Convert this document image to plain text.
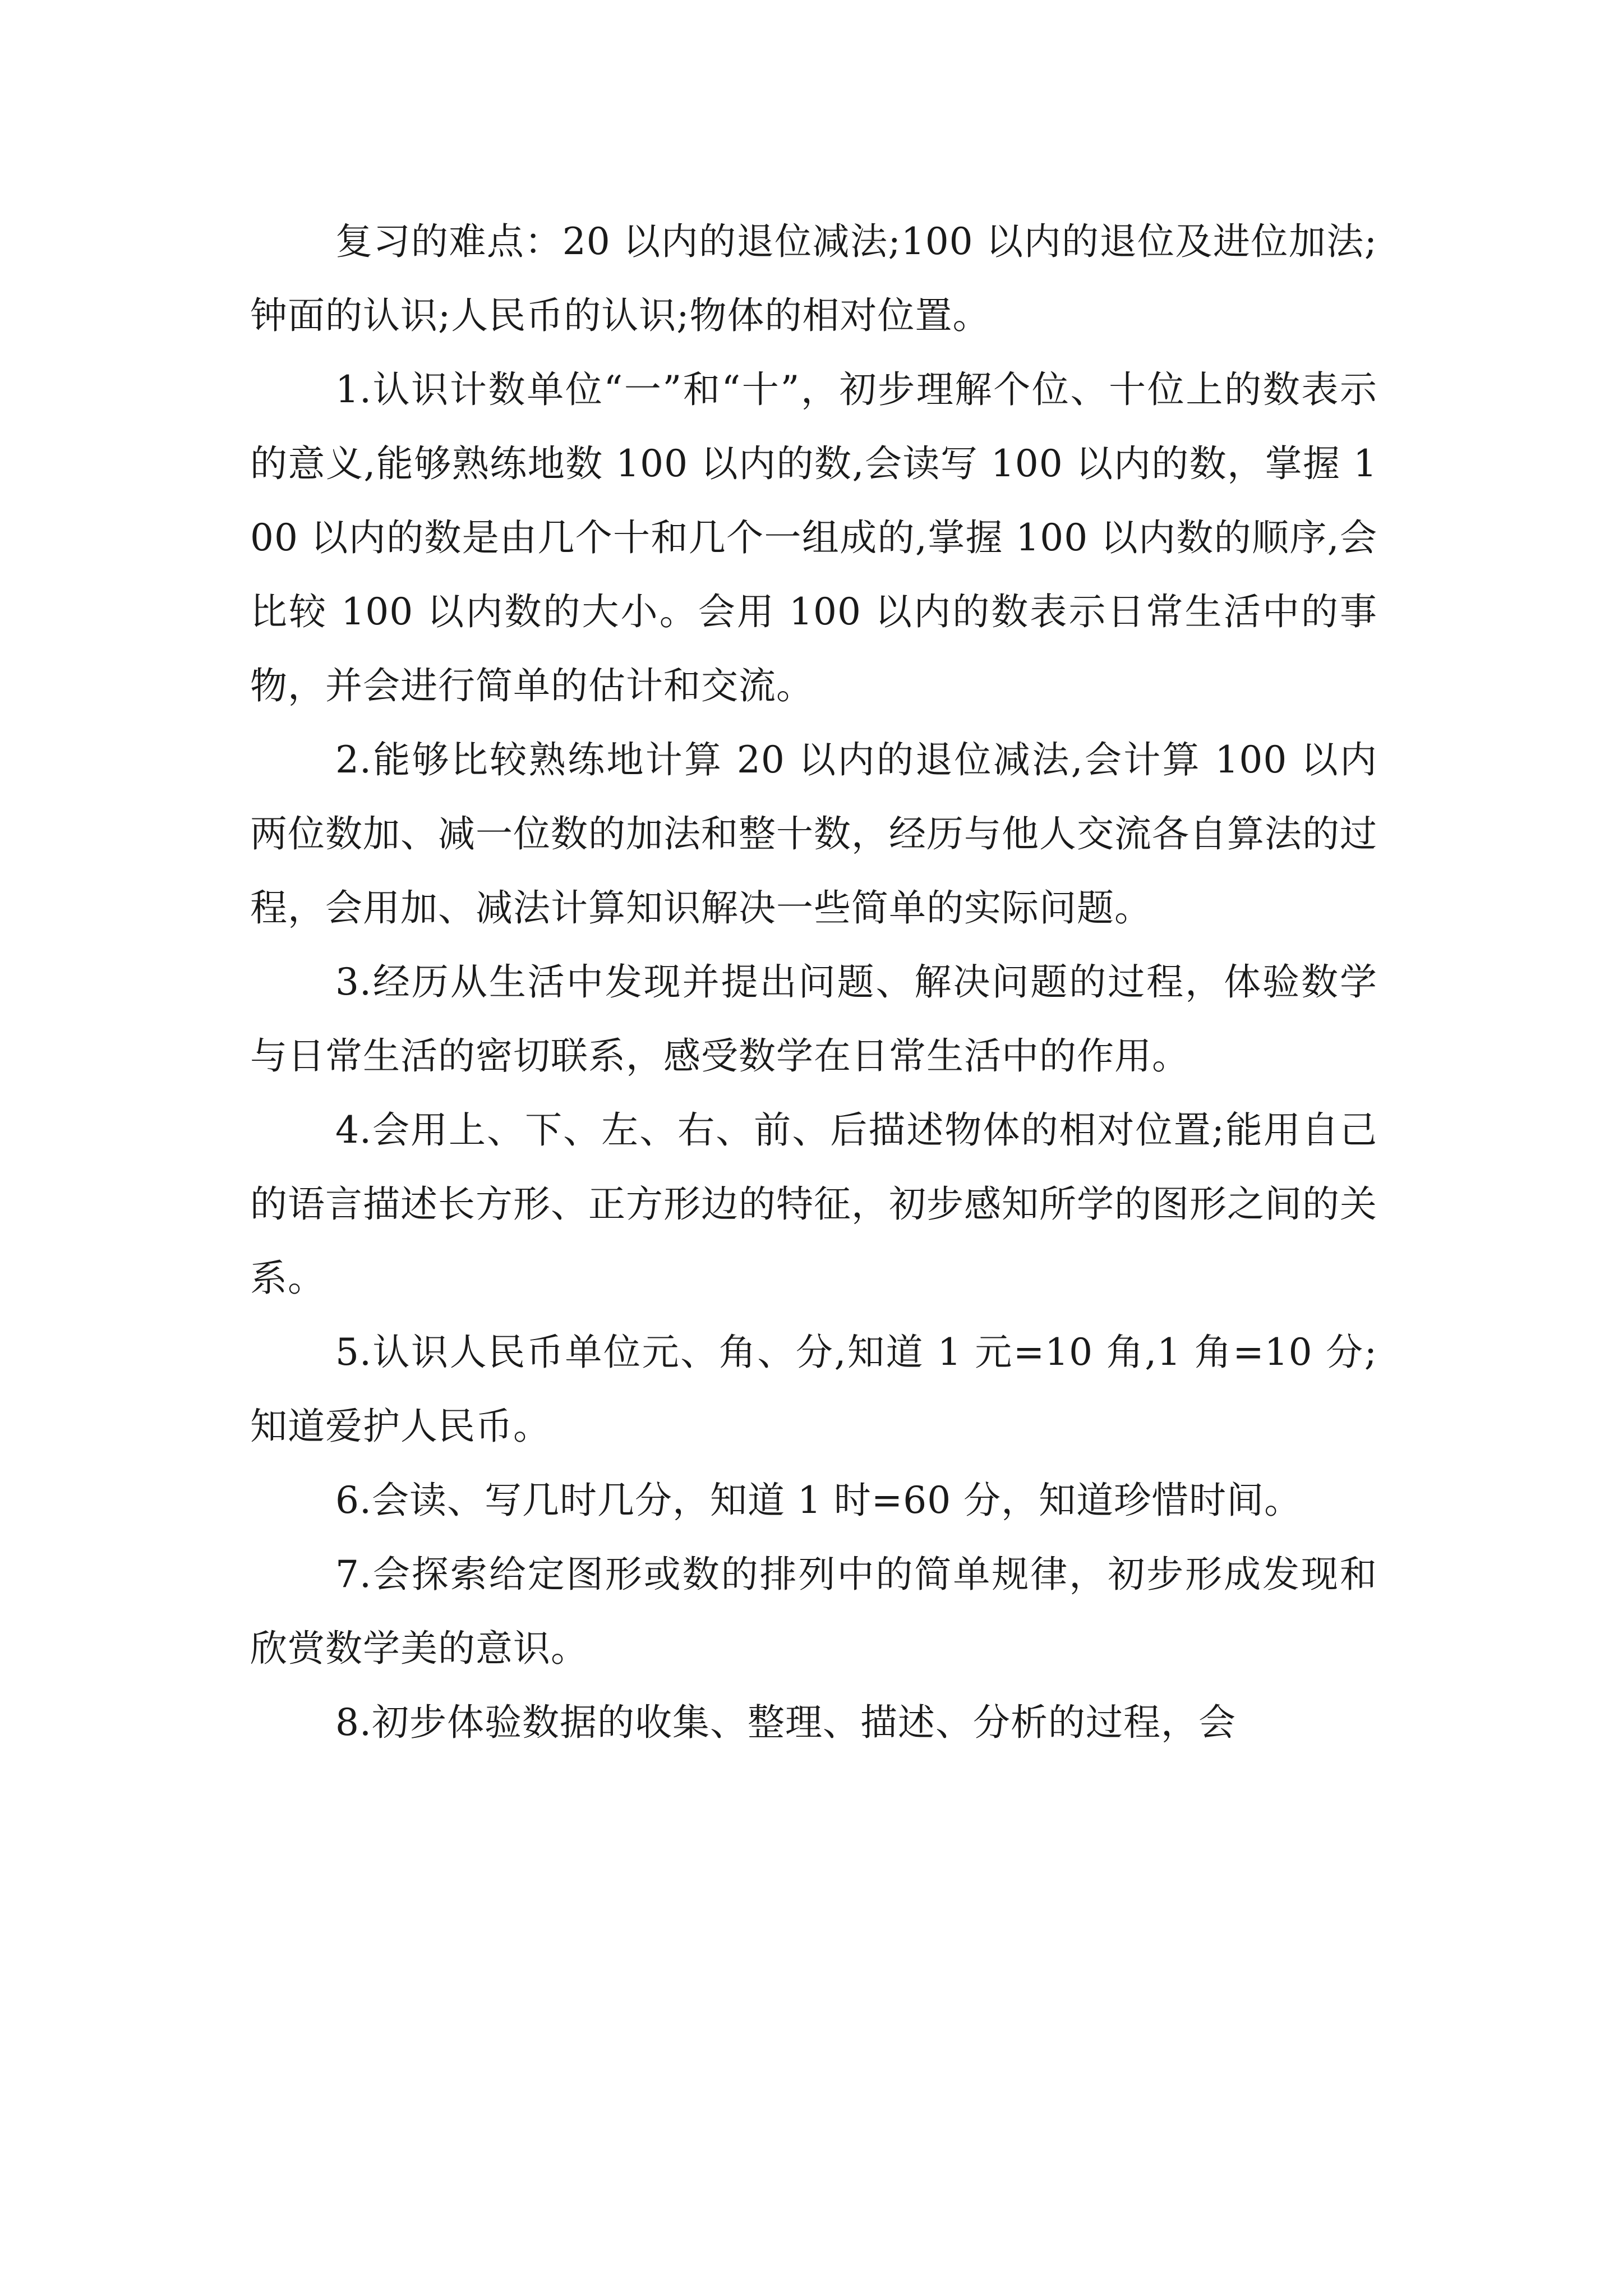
复习的难点：20 以内的退位减法;100 以内的退位及进位加法;钟面的认识;人民币的认识;物体的相对位置。

1.认识计数单位“一”和“十”，初步理解个位、十位上的数表示的意义,能够熟练地数 100 以内的数,会读写 100 以内的数，掌握 100 以内的数是由几个十和几个一组成的,掌握 100 以内数的顺序,会比较 100 以内数的大小。会用 100 以内的数表示日常生活中的事物，并会进行简单的估计和交流。

2.能够比较熟练地计算 20 以内的退位减法,会计算 100 以内两位数加、减一位数的加法和整十数，经历与他人交流各自算法的过程，会用加、减法计算知识解决一些简单的实际问题。

3.经历从生活中发现并提出问题、解决问题的过程，体验数学与日常生活的密切联系，感受数学在日常生活中的作用。

4.会用上、下、左、右、前、后描述物体的相对位置;能用自己的语言描述长方形、正方形边的特征，初步感知所学的图形之间的关系。

5.认识人民币单位元、角、分,知道 1 元=10 角,1 角=10 分;知道爱护人民币。

6.会读、写几时几分，知道 1 时=60 分，知道珍惜时间。

7.会探索给定图形或数的排列中的简单规律，初步形成发现和欣赏数学美的意识。

8.初步体验数据的收集、整理、描述、分析的过程，会
